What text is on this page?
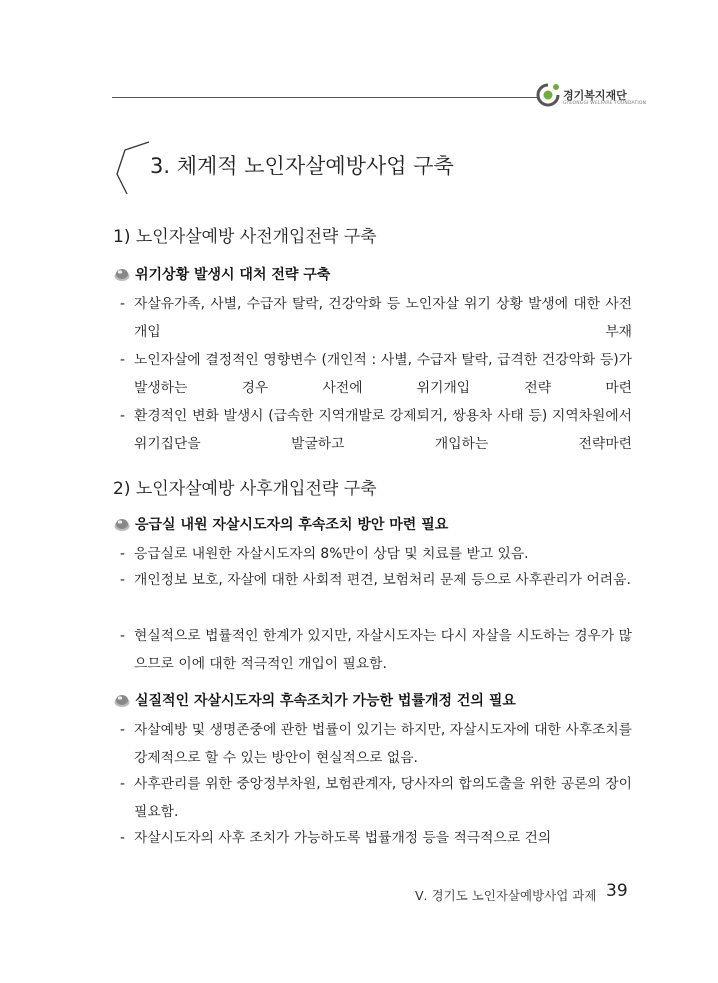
경기복지재단
GYEONGGI WELFARE FOUNDATION
3. 체계적 노인자살예방사업 구축
1) 노인자살예방 사전개입전략 구축
위기상황 발생시 대처 전략 구축
- 자살유가족, 사별, 수급자 탈락, 건강악화 등 노인자살 위기 상황 발생에 대한 사전개입 부재
- 노인자살에 결정적인 영향변수 (개인적 : 사별, 수급자 탈락, 급격한 건강악화 등)가 발생하는 경우 사전에 위기개입 전략 마련
- 환경적인 변화 발생시 (급속한 지역개발로 강제퇴거, 쌍용차 사태 등) 지역차원에서 위기집단을 발굴하고 개입하는 전략마련
2) 노인자살예방 사후개입전략 구축
응급실 내원 자살시도자의 후속조치 방안 마련 필요
- 응급실로 내원한 자살시도자의 8%만이 상담 및 치료를 받고 있음.
- 개인정보 보호, 자살에 대한 사회적 편견, 보험처리 문제 등으로 사후관리가 어려움.
- 현실적으로 법률적인 한계가 있지만, 자살시도자는 다시 자살을 시도하는 경우가 많으므로 이에 대한 적극적인 개입이 필요함.
실질적인 자살시도자의 후속조치가 가능한 법률개정 건의 필요
- 자살예방 및 생명존중에 관한 법률이 있기는 하지만, 자살시도자에 대한 사후조치를 강제적으로 할 수 있는 방안이 현실적으로 없음.
- 사후관리를 위한 중앙정부차원, 보험관계자, 당사자의 합의도출을 위한 공론의 장이 필요함.
- 자살시도자의 사후 조치가 가능하도록 법률개정 등을 적극적으로 건의
Ⅴ. 경기도 노인자살예방사업 과제 39
